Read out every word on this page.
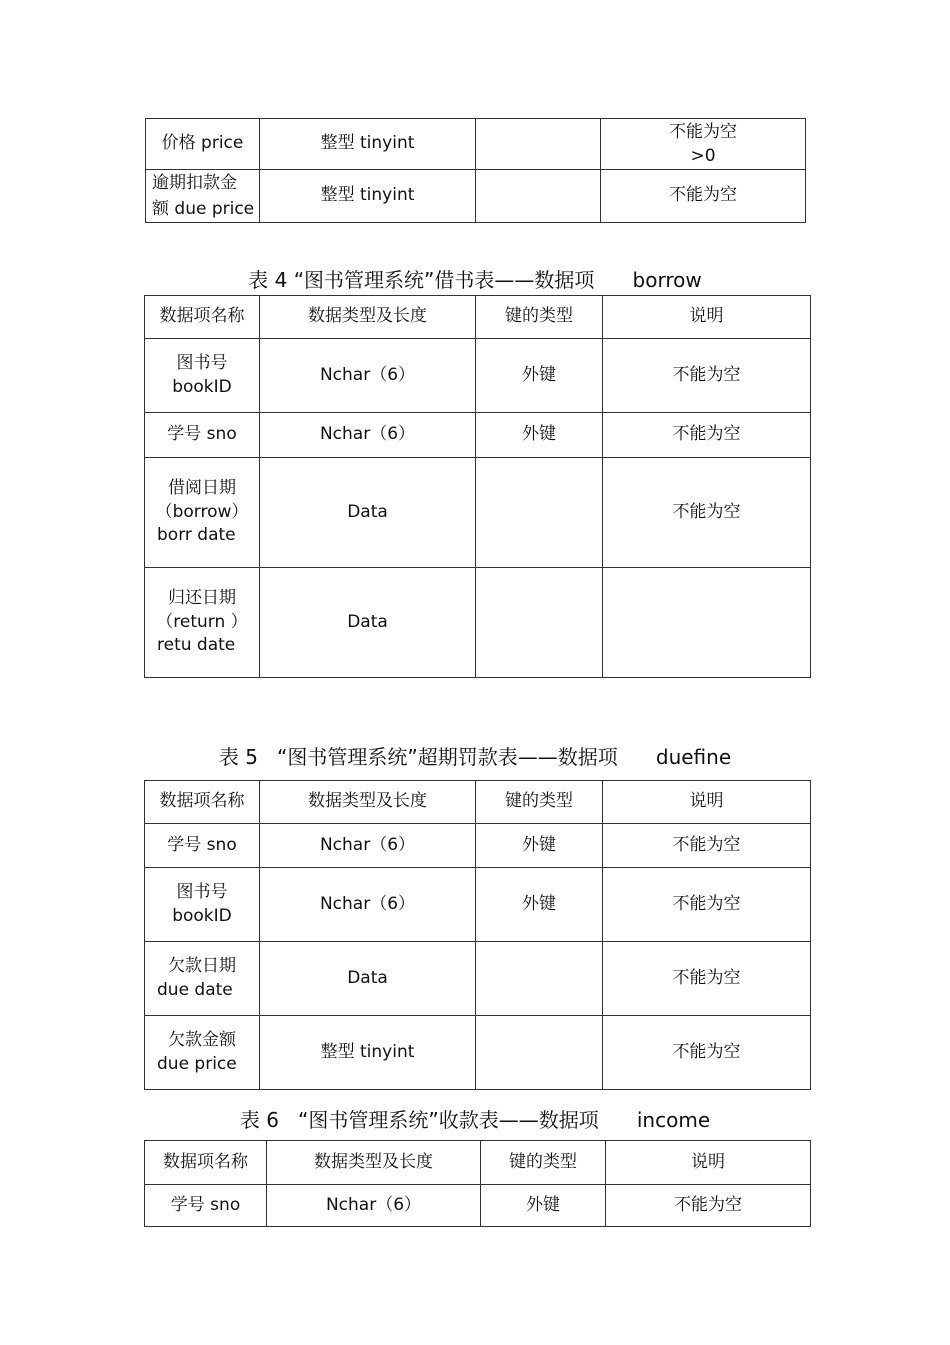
价格 price	整型 tinyint		不能为空
>0

逾期扣款金
额 due price	整型 tinyint		不能为空
表 4 “图书管理系统”借书表——数据项      borrow
数据项名称	数据类型及长度	键的类型	说明

图书号
bookID	Nchar（6）	外键	不能为空
学号 sno	Nchar（6）	外键	不能为空

借阅日期
（borrow）
borr date	Data		不能为空

归还日期
（return ）
retu date	Data		
表 5   “图书管理系统”超期罚款表——数据项      duefine
数据项名称	数据类型及长度	键的类型	说明
学号 sno	Nchar（6）	外键	不能为空

图书号
bookID	Nchar（6）	外键	不能为空

欠款日期
due date	Data		不能为空

欠款金额
due price	整型 tinyint		不能为空
表 6   “图书管理系统”收款表——数据项      income
数据项名称	数据类型及长度	键的类型	说明
学号 sno	Nchar（6）	外键	不能为空
